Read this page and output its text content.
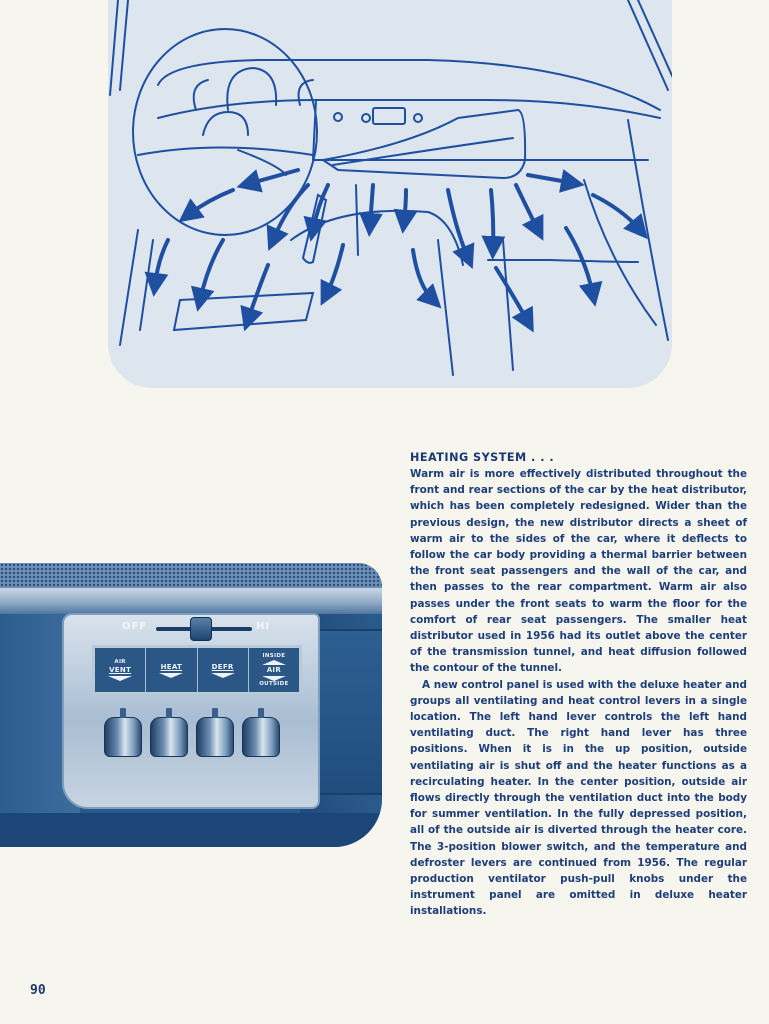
OFF	HI
AIR
VENT	HEAT	DEFR
INSIDE
AIR
OUTSIDE
HEATING SYSTEM . . .

Warm air is more effectively distributed throughout the front and rear sections of the car by the heat distributor, which has been completely redesigned. Wider than the previous design, the new distributor directs a sheet of warm air to the sides of the car, where it deflects to follow the car body providing a thermal barrier between the front seat passengers and the wall of the car, and then passes to the rear compartment. Warm air also passes under the front seats to warm the floor for the comfort of rear seat passengers. The smaller heat distributor used in 1956 had its outlet above the center of the transmission tunnel, and heat diffusion followed the contour of the tunnel.

A new control panel is used with the deluxe heater and groups all ventilating and heat control levers in a single location. The left hand lever controls the left hand ventilating duct. The right hand lever has three positions. When it is in the up position, outside ventilating air is shut off and the heater functions as a recirculating heater. In the center position, outside air flows directly through the ventilation duct into the body for summer ventilation. In the fully depressed position, all of the outside air is diverted through the heater core. The 3-position blower switch, and the temperature and defroster levers are continued from 1956. The regular production ventilator push-pull knobs under the instrument panel are omitted in deluxe heater installations.

90
